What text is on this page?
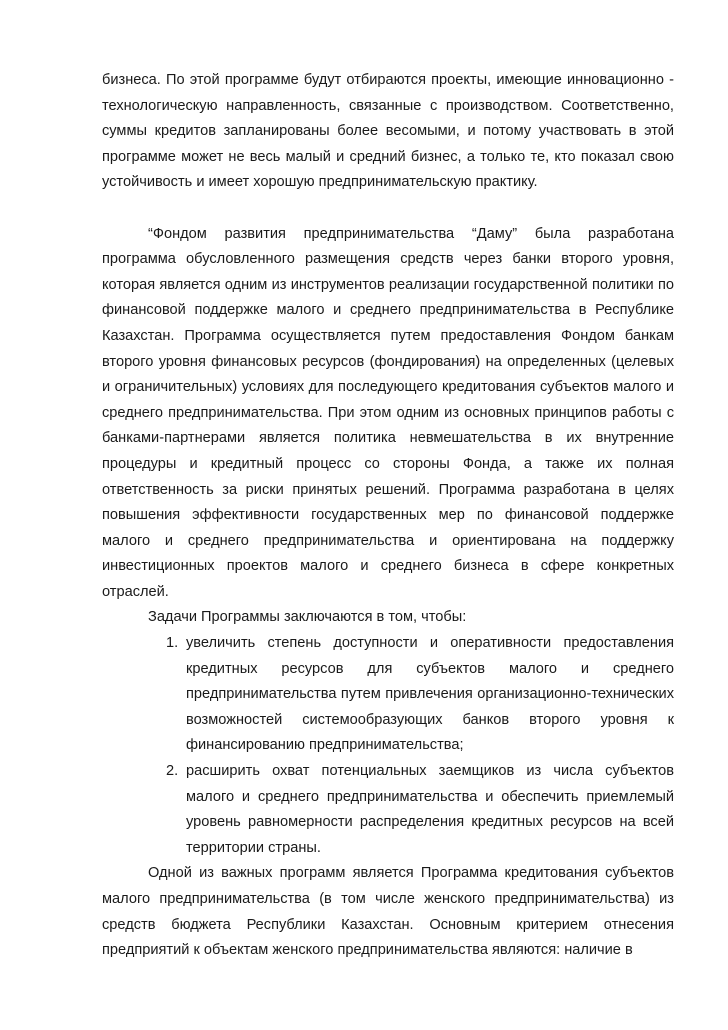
бизнеса. По этой программе будут отбираются проекты, имеющие инновационно - технологическую направленность, связанные с производством. Соответственно, суммы кредитов запланированы более весомыми, и потому участвовать в этой программе может не весь малый и средний бизнес, а только те, кто показал свою устойчивость и имеет хорошую предпринимательскую практику.

“Фондом развития предпринимательства “Даму” была разработана программа обусловленного размещения средств через банки второго уровня, которая является одним из инструментов реализации государственной политики по финансовой поддержке малого и среднего предпринимательства в Республике Казахстан. Программа осуществляется путем предоставления Фондом банкам второго уровня финансовых ресурсов (фондирования) на определенных (целевых и ограничительных) условиях для последующего кредитования субъектов малого и среднего предпринимательства. При этом одним из основных принципов работы с банками-партнерами является политика невмешательства в их внутренние процедуры и кредитный процесс со стороны Фонда, а также их полная ответственность за риски принятых решений. Программа разработана в целях повышения эффективности государственных мер по финансовой поддержке малого и среднего предпринимательства и ориентирована на поддержку инвестиционных проектов малого и среднего бизнеса в сфере конкретных отраслей.

Задачи Программы заключаются в том, чтобы:

1. увеличить степень доступности и оперативности предоставления кредитных ресурсов для субъектов малого и среднего предпринимательства путем привлечения организационно-технических возможностей системообразующих банков второго уровня к финансированию предпринимательства;
2. расширить охват потенциальных заемщиков из числа субъектов малого и среднего предпринимательства и обеспечить приемлемый уровень равномерности распределения кредитных ресурсов на всей территории страны.

Одной из важных программ является Программа кредитования субъектов малого предпринимательства (в том числе женского предпринимательства) из средств бюджета Республики Казахстан. Основным критерием отнесения предприятий к объектам женского предпринимательства являются: наличие в
